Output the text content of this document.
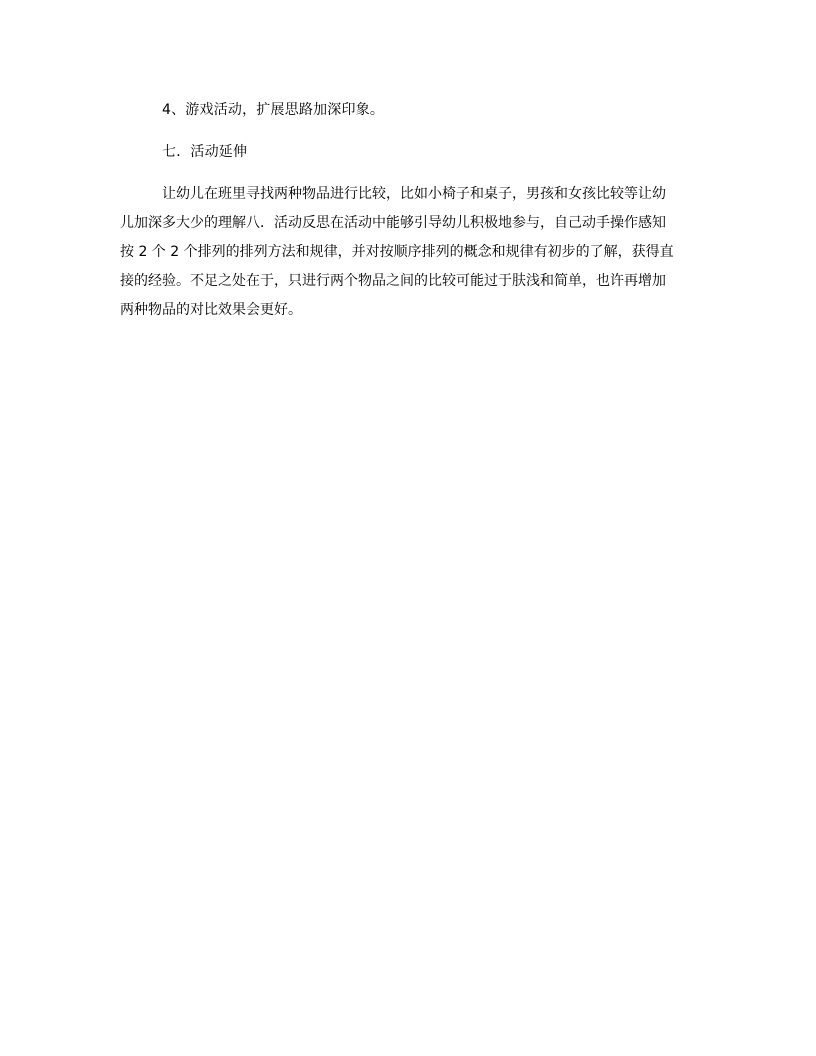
4、游戏活动，扩展思路加深印象。

七．活动延伸

让幼儿在班里寻找两种物品进行比较，比如小椅子和桌子，男孩和女孩比较等让幼
儿加深多大少的理解八．活动反思在活动中能够引导幼儿积极地参与，自己动手操作感知
按 2 个 2 个排列的排列方法和规律，并对按顺序排列的概念和规律有初步的了解，获得直
接的经验。不足之处在于，只进行两个物品之间的比较可能过于肤浅和简单，也许再增加
两种物品的对比效果会更好。
